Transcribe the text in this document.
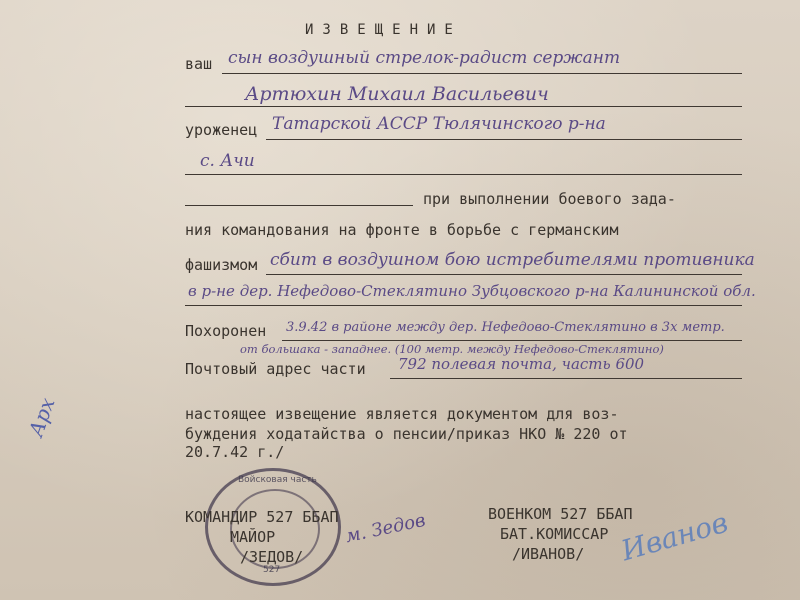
ИЗВЕЩЕНИЕ
ваш сын воздушный стрелок-радист сержант
Артюхин Михаил Васильевич
уроженец Татарской АССР Тюлячинского р-на
с. Ачи
при выполнении боевого зада-
ния командования на фронте в борьбе с германским
фашизмом сбит в воздушном бою истребителями противника
в р-не дер. Нефедово-Стеклятино Зубцовского р-на Калининской обл.
Похоронен 3.9.42 в районе между дер. Нефедово-Стеклятино в 3х метр.
от большака - западнее. (100 метр. между Нефедово-Стеклятино)
Почтовый адрес части 792 полевая почта, часть 600
настоящее извещение является документом для воз-
буждения ходатайства о пенсии/приказ НКО № 220 от
20.7.42 г./
Войсковая часть
527
КОМАНДИР 527 ББАП
МАЙОР
/ЗЕДОВ/
м. Зедов	ВОЕНКОМ 527 ББАП
БАТ.КОМИССАР
/ИВАНОВ/ Иванов
Арх
